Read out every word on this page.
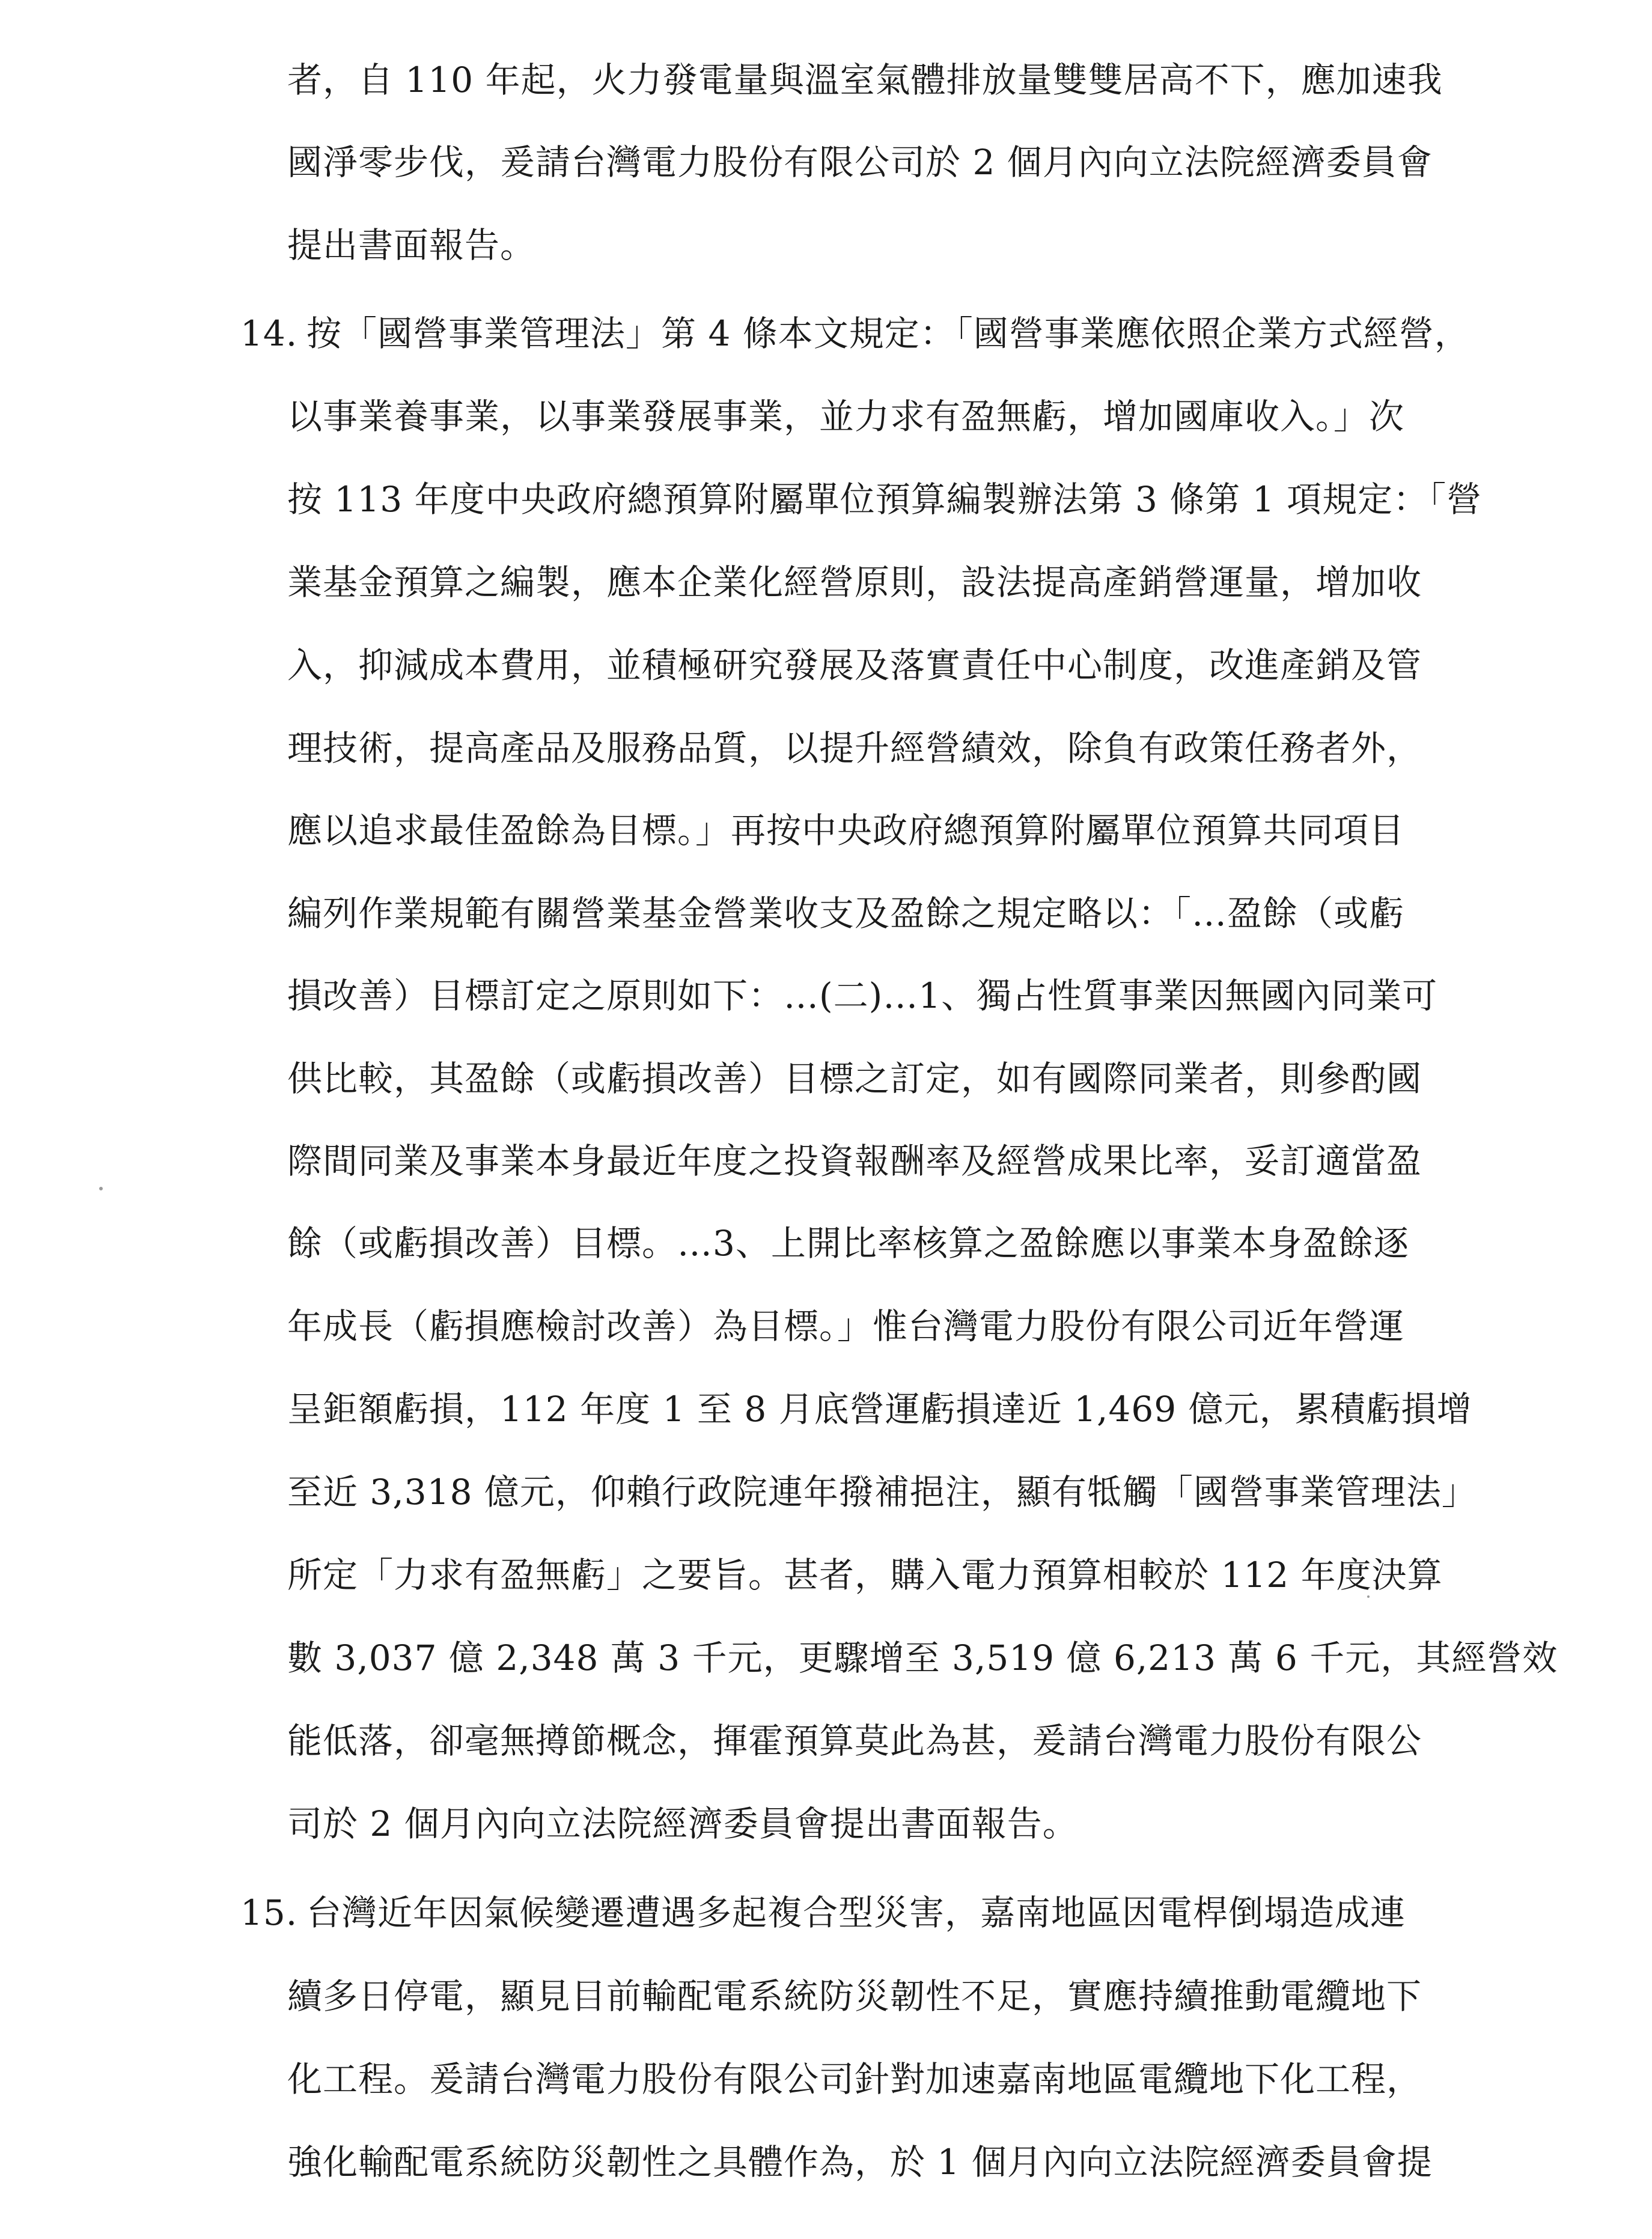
者，自 110 年起，火力發電量與溫室氣體排放量雙雙居高不下，應加速我
國淨零步伐，爰請台灣電力股份有限公司於 2 個月內向立法院經濟委員會
提出書面報告。
14. 按「國營事業管理法」第 4 條本文規定：「國營事業應依照企業方式經營，
以事業養事業，以事業發展事業，並力求有盈無虧，增加國庫收入。」次
按 113 年度中央政府總預算附屬單位預算編製辦法第 3 條第 1 項規定：「營
業基金預算之編製，應本企業化經營原則，設法提高產銷營運量，增加收
入，抑減成本費用，並積極研究發展及落實責任中心制度，改進產銷及管
理技術，提高產品及服務品質，以提升經營績效，除負有政策任務者外，
應以追求最佳盈餘為目標。」再按中央政府總預算附屬單位預算共同項目
編列作業規範有關營業基金營業收支及盈餘之規定略以：「…盈餘（或虧
損改善）目標訂定之原則如下：…(二)…1、獨占性質事業因無國內同業可
供比較，其盈餘（或虧損改善）目標之訂定，如有國際同業者，則參酌國
際間同業及事業本身最近年度之投資報酬率及經營成果比率，妥訂適當盈
餘（或虧損改善）目標。…3、上開比率核算之盈餘應以事業本身盈餘逐
年成長（虧損應檢討改善）為目標。」惟台灣電力股份有限公司近年營運
呈鉅額虧損，112 年度 1 至 8 月底營運虧損達近 1,469 億元，累積虧損增
至近 3,318 億元，仰賴行政院連年撥補挹注，顯有牴觸「國營事業管理法」
所定「力求有盈無虧」之要旨。甚者，購入電力預算相較於 112 年度決算
數 3,037 億 2,348 萬 3 千元，更驟增至 3,519 億 6,213 萬 6 千元，其經營效
能低落，卻毫無撙節概念，揮霍預算莫此為甚，爰請台灣電力股份有限公
司於 2 個月內向立法院經濟委員會提出書面報告。
15. 台灣近年因氣候變遷遭遇多起複合型災害，嘉南地區因電桿倒塌造成連
續多日停電，顯見目前輸配電系統防災韌性不足，實應持續推動電纜地下
化工程。爰請台灣電力股份有限公司針對加速嘉南地區電纜地下化工程，
強化輸配電系統防災韌性之具體作為，於 1 個月內向立法院經濟委員會提
